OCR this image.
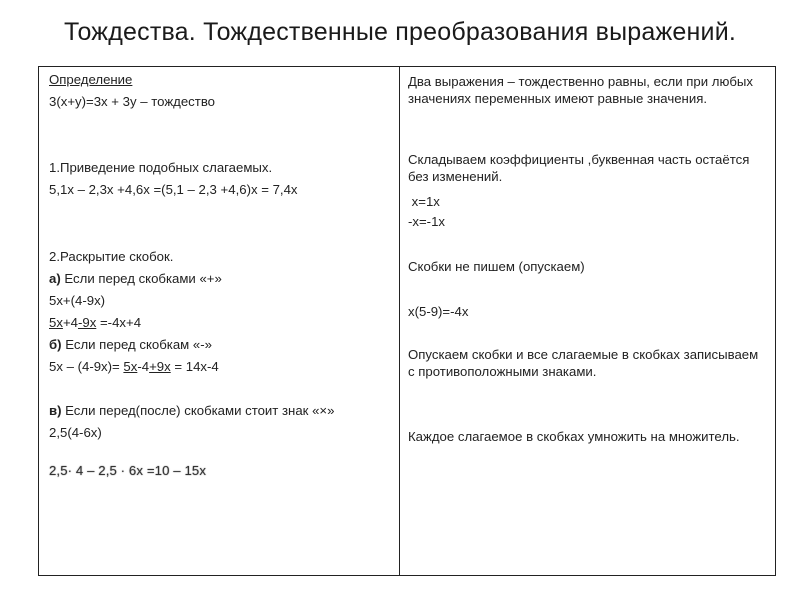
Тождества. Тождественные преобразования выражений.
Определение
3(x+y)=3x + 3y – тождество
1.Приведение подобных слагаемых.
5,1x – 2,3x +4,6x =(5,1 – 2,3 +4,6)x = 7,4x
2.Раскрытие скобок.
а) Если перед скобками «+»
5x+(4-9x)
5x+4-9x =-4x+4
б) Если перед скобкам «-»
5x – (4-9x)= 5x-4+9x = 14x-4
в) Если перед(после) скобками стоит знак «×»
2,5(4-6x)
2,5· 4 – 2,5 · 6x =10 – 15x
Два выражения – тождественно равны, если при любых значениях переменных имеют равные значения.
Складываем коэффициенты ,буквенная часть остаётся без изменений.
x=1x
-x=-1x
Скобки не пишем (опускаем)
x(5-9)=-4x
Опускаем скобки и все слагаемые в скобках записываем с противоположными знаками.
Каждое слагаемое в скобках умножить на множитель.
